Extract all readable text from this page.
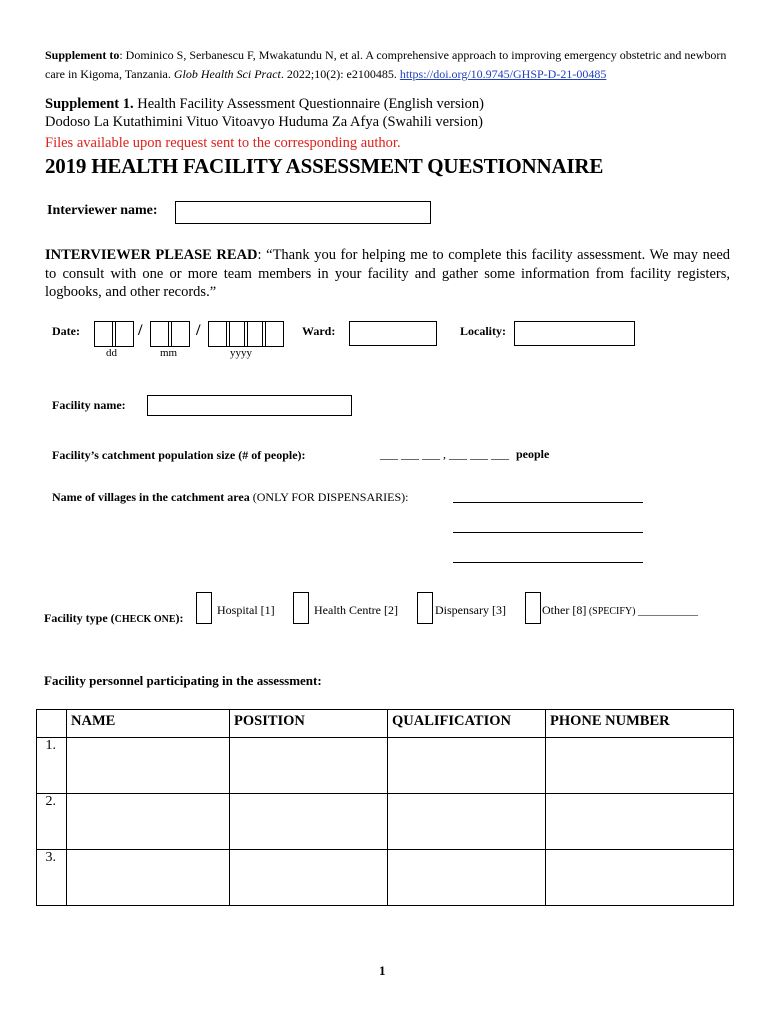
Supplement to: Dominico S, Serbanescu F, Mwakatundu N, et al. A comprehensive approach to improving emergency obstetric and newborn care in Kigoma, Tanzania. Glob Health Sci Pract. 2022;10(2): e2100485. https://doi.org/10.9745/GHSP-D-21-00485
Supplement 1. Health Facility Assessment Questionnaire (English version)
Dodoso La Kutathimini Vituo Vitoavyo Huduma Za Afya (Swahili version)
Files available upon request sent to the corresponding author.
2019 HEALTH FACILITY ASSESSMENT QUESTIONNAIRE
Interviewer name:
INTERVIEWER PLEASE READ: “Thank you for helping me to complete this facility assessment. We may need to consult with one or more team members in your facility and gather some information from facility registers, logbooks, and other records.”
Date:	/	/
dd	mm	yyyy
Ward:	Locality:
Facility name:
Facility’s catchment population size (# of people):	___ ___ ___ , ___ ___ ___ people
Name of villages in the catchment area (ONLY FOR DISPENSARIES):
Facility type (CHECK ONE):
Hospital [1]	Health Centre [2]	Dispensary [3]	Other [8] (SPECIFY) ____________
Facility personnel participating in the assessment:
	NAME	POSITION	QUALIFICATION	PHONE NUMBER
1.				
2.				
3.				
1
